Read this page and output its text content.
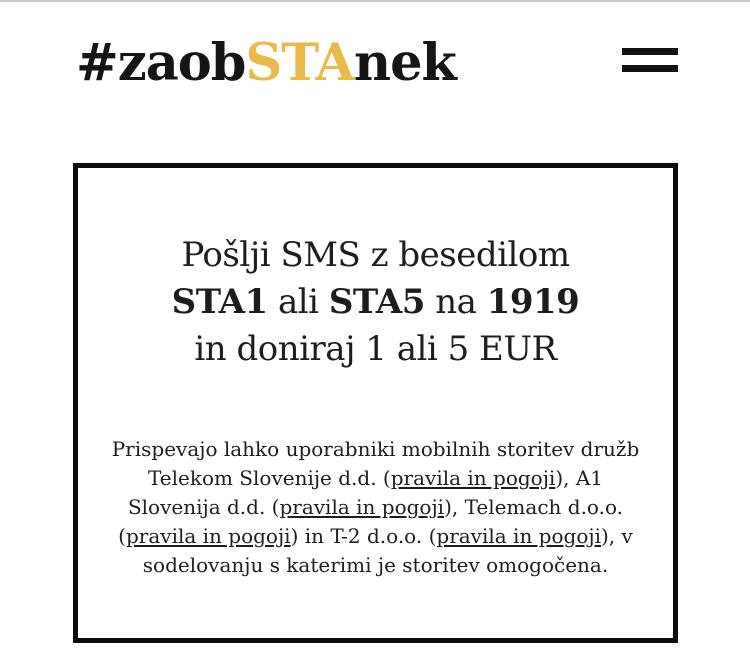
#zaobSTAnek
Pošlji SMS z besedilom
STA1 ali STA5 na 1919
in doniraj 1 ali 5 EUR
Prispevajo lahko uporabniki mobilnih storitev družb
Telekom Slovenije d.d. (pravila in pogoji), A1
Slovenija d.d. (pravila in pogoji), Telemach d.o.o.
(pravila in pogoji) in T-2 d.o.o. (pravila in pogoji), v
sodelovanju s katerimi je storitev omogočena.
